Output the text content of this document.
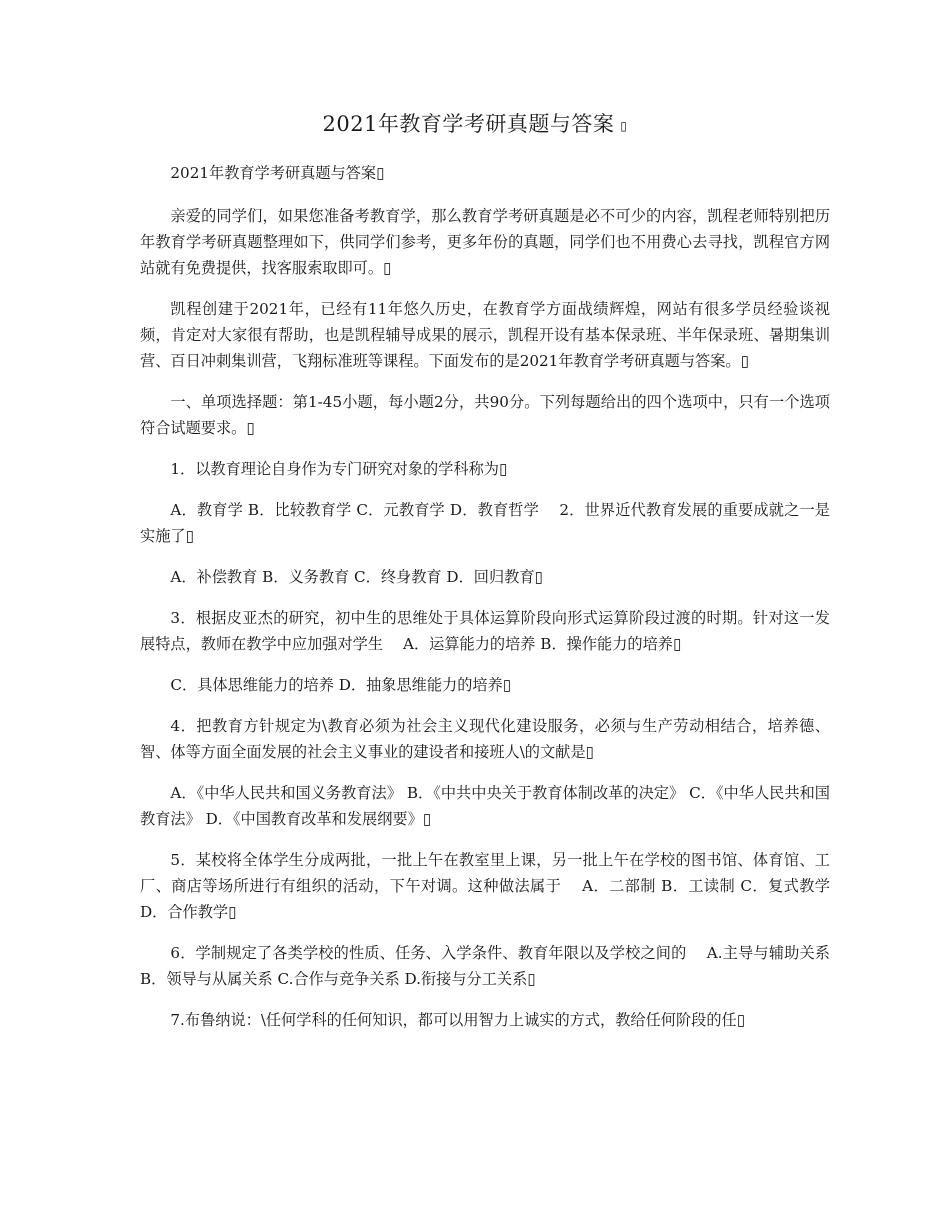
2021年教育学考研真题与答案 ▯

2021年教育学考研真题与答案▯

亲爱的同学们，如果您准备考教育学，那么教育学考研真题是必不可少的内容，凯程老师特别把历年教育学考研真题整理如下，供同学们参考，更多年份的真题，同学们也不用费心去寻找，凯程官方网站就有免费提供，找客服索取即可。▯

凯程创建于2021年，已经有11年悠久历史，在教育学方面战绩辉煌，网站有很多学员经验谈视频，肯定对大家很有帮助，也是凯程辅导成果的展示，凯程开设有基本保录班、半年保录班、暑期集训营、百日冲刺集训营，飞翔标准班等课程。下面发布的是2021年教育学考研真题与答案。▯

一、单项选择题：第1-45小题，每小题2分，共90分。下列每题给出的四个选项中，只有一个选项符合试题要求。▯

1．以教育理论自身作为专门研究对象的学科称为▯

A．教育学 B．比较教育学 C．元教育学 D．教育哲学　 2．世界近代教育发展的重要成就之一是实施了▯

A．补偿教育 B．义务教育 C．终身教育 D．回归教育▯

3．根据皮亚杰的研究，初中生的思维处于具体运算阶段向形式运算阶段过渡的时期。针对这一发展特点，教师在教学中应加强对学生　 A．运算能力的培养 B．操作能力的培养▯

C．具体思维能力的培养 D．抽象思维能力的培养▯

4．把教育方针规定为\教育必须为社会主义现代化建设服务，必须与生产劳动相结合，培养德、智、体等方面全面发展的社会主义事业的建设者和接班人\的文献是▯

A．《中华人民共和国义务教育法》 B．《中共中央关于教育体制改革的决定》 C．《中华人民共和国教育法》 D．《中国教育改革和发展纲要》▯

5．某校将全体学生分成两批，一批上午在教室里上课，另一批上午在学校的图书馆、体育馆、工厂、商店等场所进行有组织的活动，下午对调。这种做法属于　 A．二部制 B．工读制 C．复式教学 D．合作教学▯

6．学制规定了各类学校的性质、任务、入学条件、教育年限以及学校之间的　 A.主导与辅助关系 B．领导与从属关系 C.合作与竞争关系 D.衔接与分工关系▯

7.布鲁纳说：\任何学科的任何知识，都可以用智力上诚实的方式，教给任何阶段的任▯
